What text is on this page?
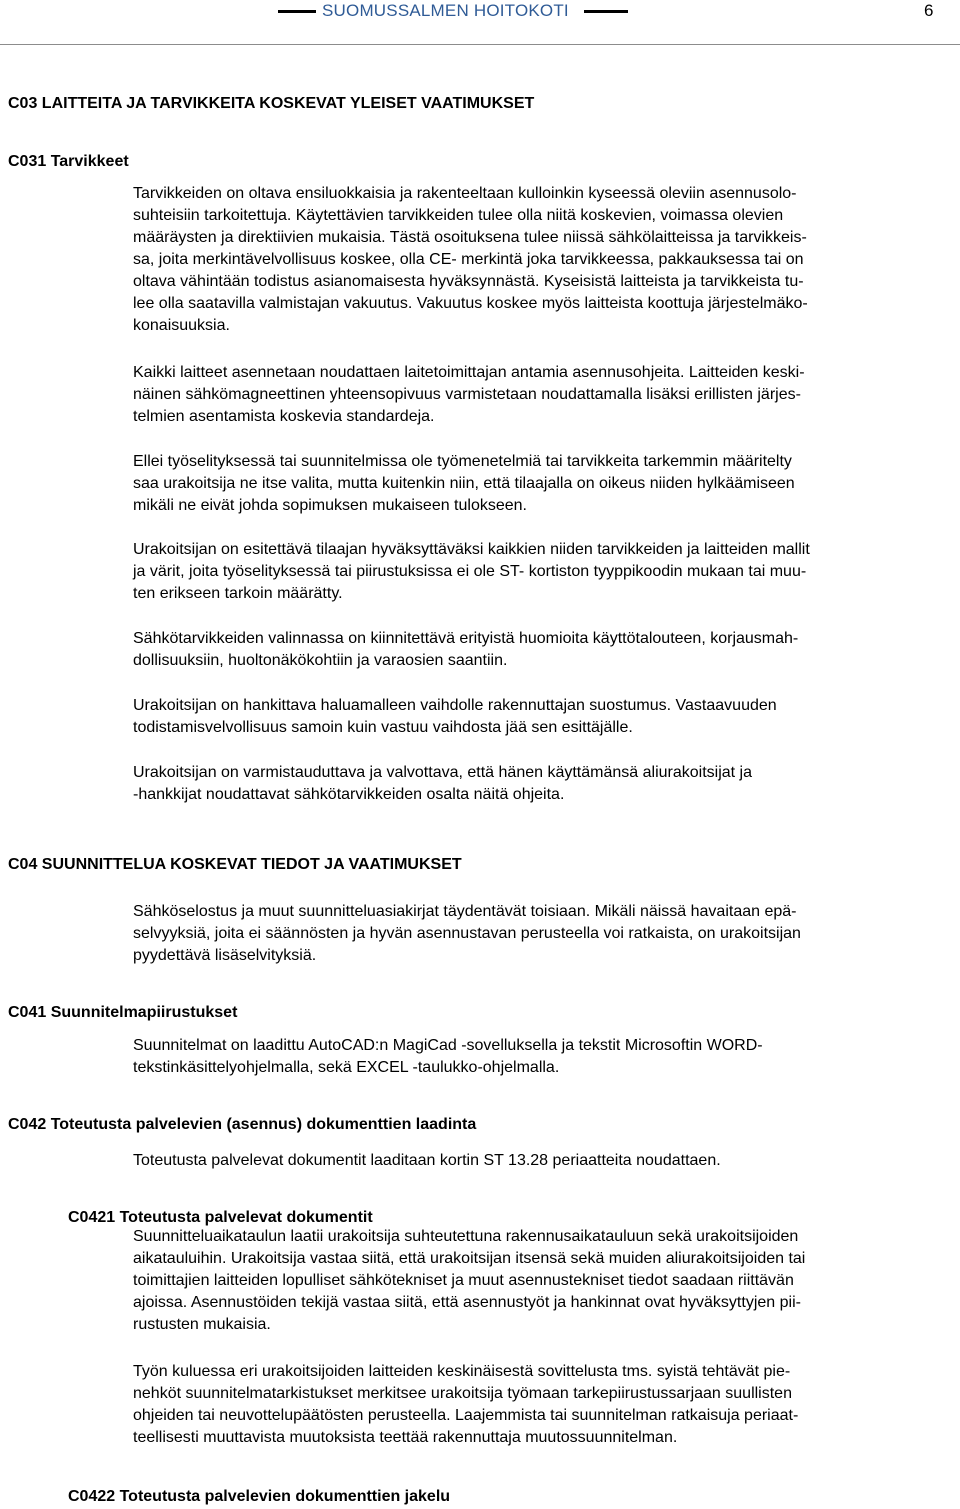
SUOMUSSALMEN HOITOKOTI	6
C03 LAITTEITA JA TARVIKKEITA KOSKEVAT YLEISET VAATIMUKSET
C031 Tarvikkeet
Tarvikkeiden on oltava ensiluokkaisia ja rakenteeltaan kulloinkin kyseessä oleviin asennusolo-
suhteisiin tarkoitettuja. Käytettävien tarvikkeiden tulee olla niitä koskevien, voimassa olevien
määräysten ja direktiivien mukaisia. Tästä osoituksena tulee niissä sähkölaitteissa ja tarvikkeis-
sa, joita merkintävelvollisuus koskee, olla CE- merkintä joka tarvikkeessa, pakkauksessa tai on
oltava vähintään todistus asianomaisesta hyväksynnästä. Kyseisistä laitteista ja tarvikkeista tu-
lee olla saatavilla valmistajan vakuutus. Vakuutus koskee myös laitteista koottuja järjestelmäko-
konaisuuksia.
Kaikki laitteet asennetaan noudattaen laitetoimittajan antamia asennusohjeita. Laitteiden keski-
näinen sähkömagneettinen yhteensopivuus varmistetaan noudattamalla lisäksi erillisten järjes-
telmien asentamista koskevia standardeja.
Ellei työselityksessä tai suunnitelmissa ole työmenetelmiä tai tarvikkeita tarkemmin määritelty
saa urakoitsija ne itse valita, mutta kuitenkin niin, että tilaajalla on oikeus niiden hylkäämiseen
mikäli ne eivät johda sopimuksen mukaiseen tulokseen.
Urakoitsijan on esitettävä tilaajan hyväksyttäväksi kaikkien niiden tarvikkeiden ja laitteiden mallit
ja värit, joita työselityksessä tai piirustuksissa ei ole ST- kortiston tyyppikoodin mukaan tai muu-
ten erikseen tarkoin määrätty.
Sähkötarvikkeiden valinnassa on kiinnitettävä erityistä huomioita käyttötalouteen, korjausmah-
dollisuuksiin, huoltonäkökohtiin ja varaosien saantiin.
Urakoitsijan on hankittava haluamalleen vaihdolle rakennuttajan suostumus. Vastaavuuden
todistamisvelvollisuus samoin kuin vastuu vaihdosta jää sen esittäjälle.
Urakoitsijan on varmistauduttava ja valvottava, että hänen käyttämänsä aliurakoitsijat ja
-hankkijat noudattavat sähkötarvikkeiden osalta näitä ohjeita.
C04 SUUNNITTELUA KOSKEVAT TIEDOT JA VAATIMUKSET
Sähköselostus ja muut suunnitteluasiakirjat täydentävät toisiaan. Mikäli näissä havaitaan epä-
selvyyksiä, joita ei säännösten ja hyvän asennustavan perusteella voi ratkaista, on urakoitsijan
pyydettävä lisäselvityksiä.
C041 Suunnitelmapiirustukset
Suunnitelmat on laadittu AutoCAD:n MagiCad -sovelluksella ja tekstit Microsoftin WORD-
tekstinkäsittelyohjelmalla, sekä EXCEL -taulukko-ohjelmalla.
C042 Toteutusta palvelevien (asennus) dokumenttien laadinta
Toteutusta palvelevat dokumentit laaditaan kortin ST 13.28 periaatteita noudattaen.
C0421 Toteutusta palvelevat dokumentit
Suunnitteluaikataulun laatii urakoitsija suhteutettuna rakennusaikatauluun sekä urakoitsijoiden
aikatauluihin. Urakoitsija vastaa siitä, että urakoitsijan itsensä sekä muiden aliurakoitsijoiden tai
toimittajien laitteiden lopulliset sähkötekniset ja muut asennustekniset tiedot saadaan riittävän
ajoissa. Asennustöiden tekijä vastaa siitä, että asennustyöt ja hankinnat ovat hyväksyttyjen pii-
rustusten mukaisia.
Työn kuluessa eri urakoitsijoiden laitteiden keskinäisestä sovittelusta tms. syistä tehtävät pie-
nehköt suunnitelmatarkistukset merkitsee urakoitsija työmaan tarkepiirustussarjaan suullisten
ohjeiden tai neuvottelupäätösten perusteella. Laajemmista tai suunnitelman ratkaisuja periaat-
teellisesti muuttavista muutoksista teettää rakennuttaja muutossuunnitelman.
C0422 Toteutusta palvelevien dokumenttien jakelu
